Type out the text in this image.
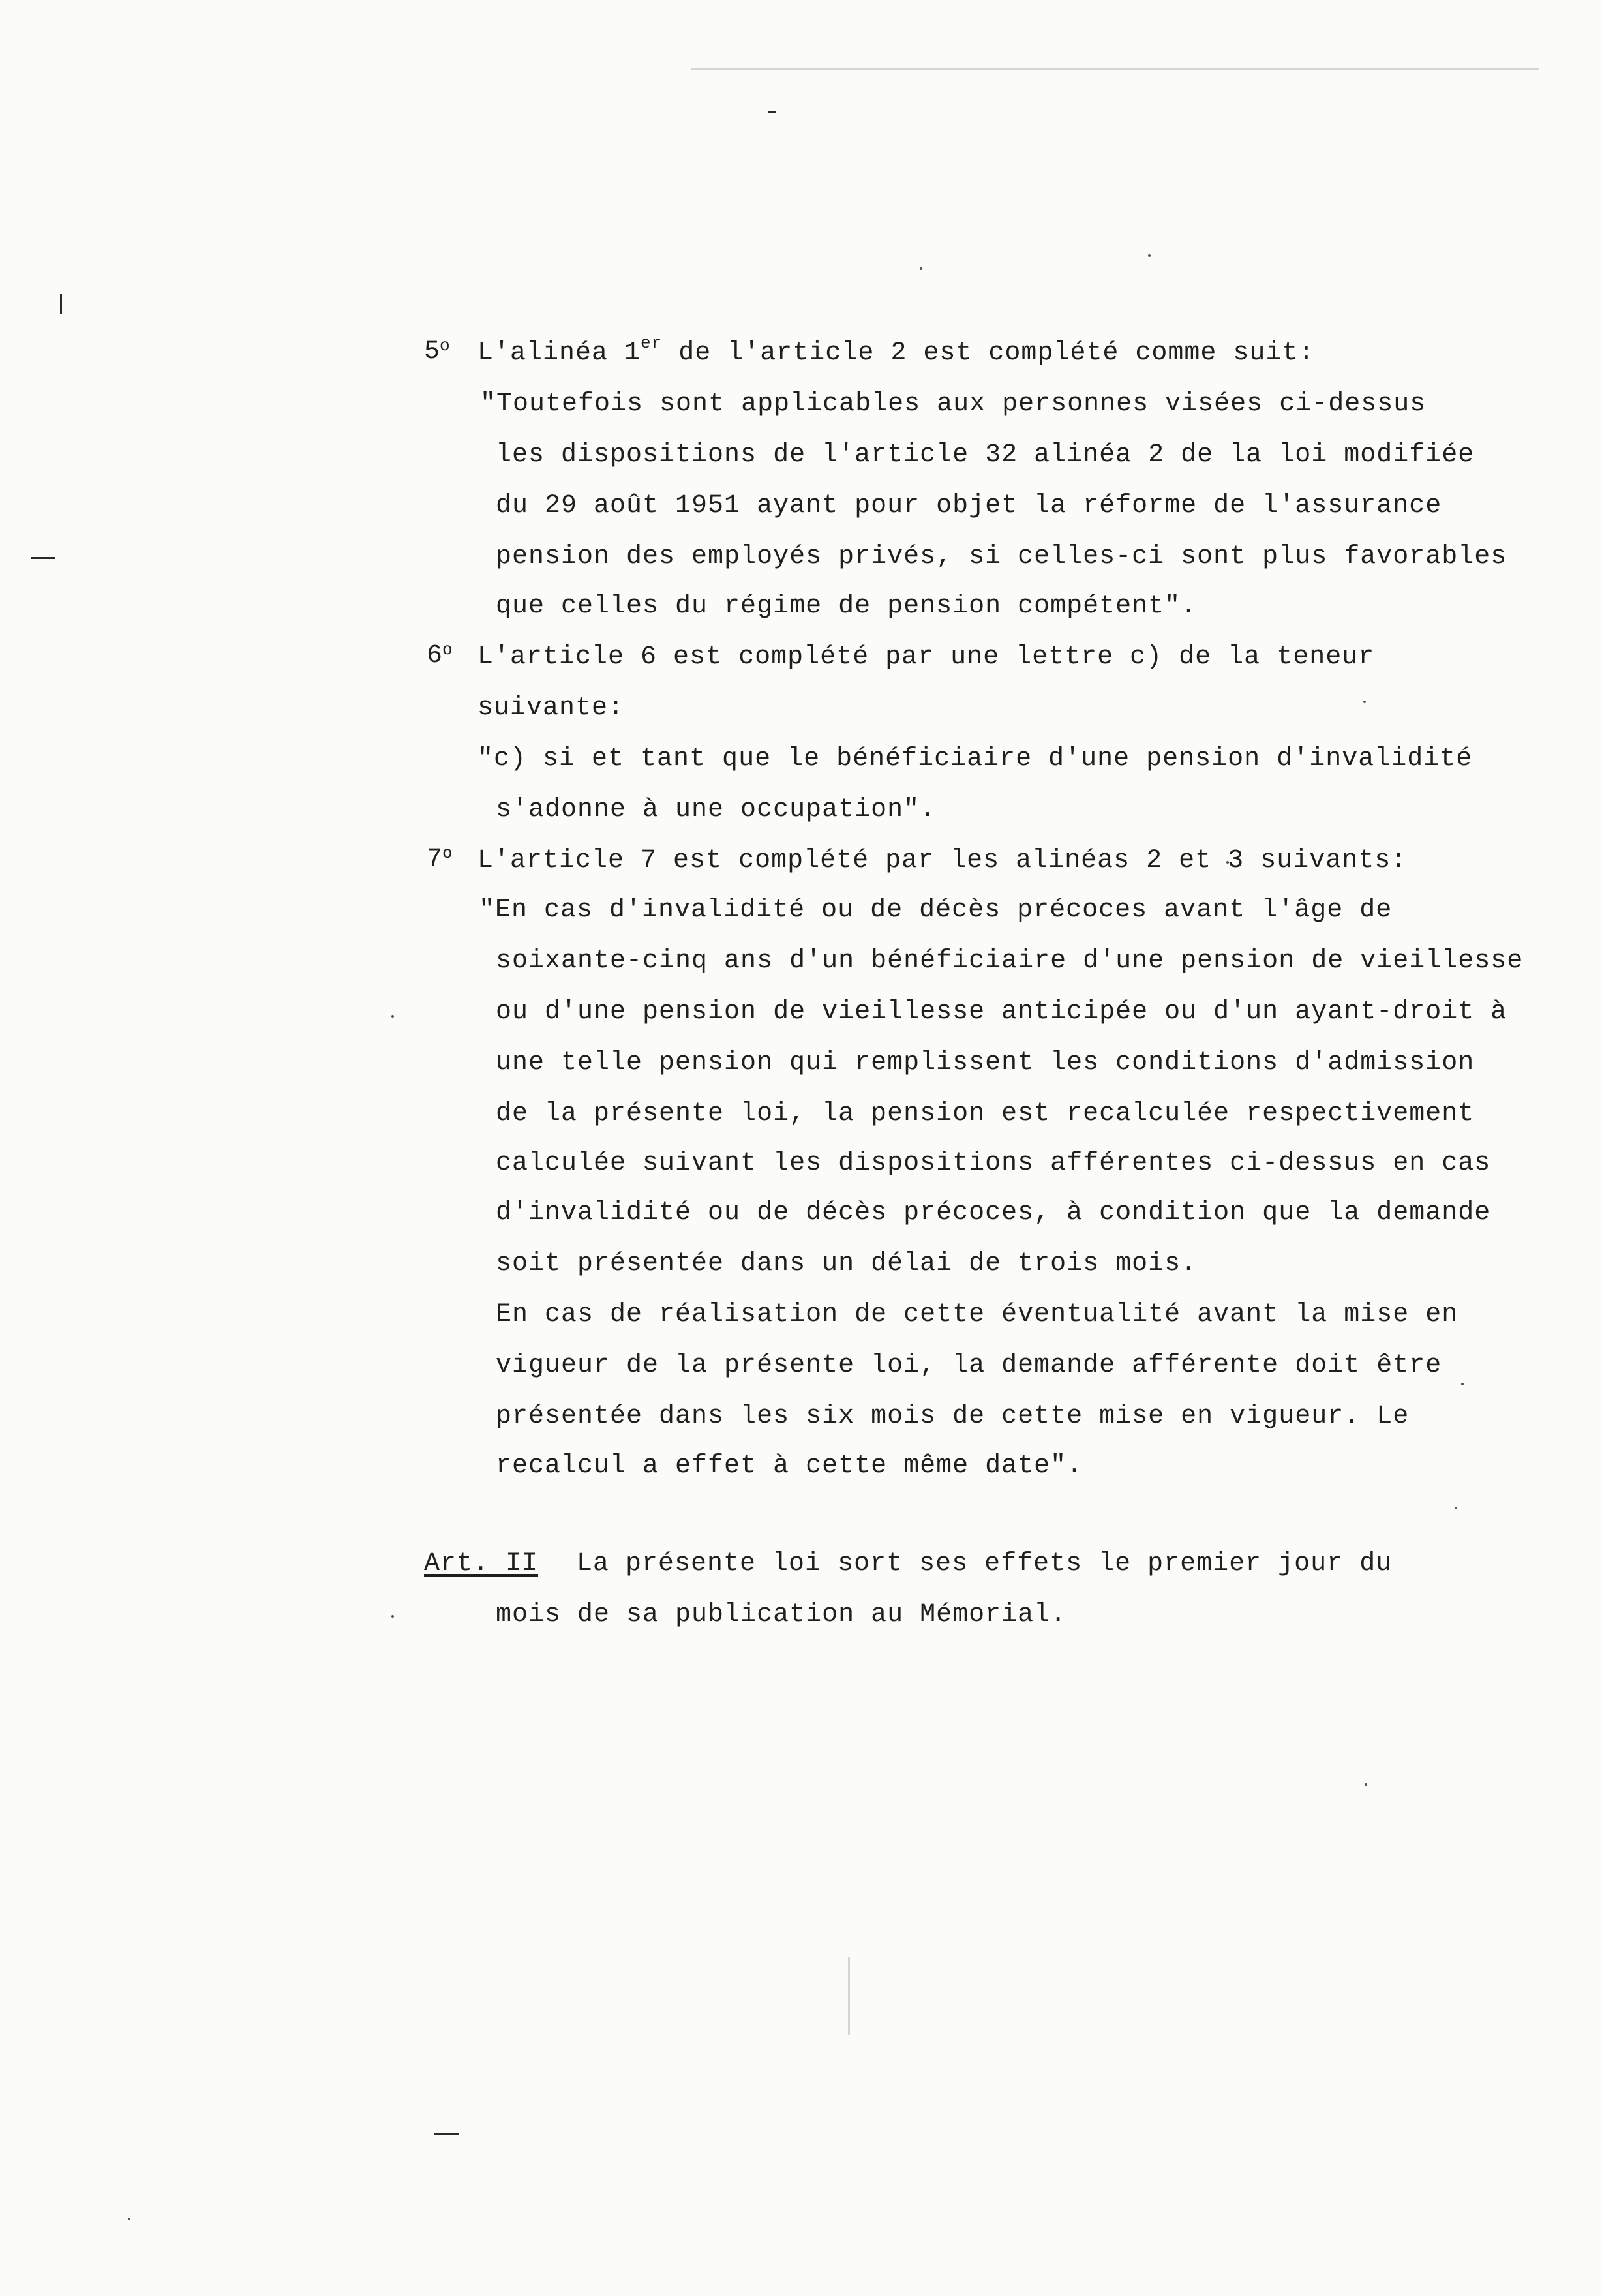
5$^o$ L'alinéa 1er de l'article 2 est complété comme suit:
"Toutefois sont applicables aux personnes visées ci-dessus
les dispositions de l'article 32 alinéa 2 de la loi modifiée
du 29 août 1951 ayant pour objet la réforme de l'assurance
pension des employés privés, si celles-ci sont plus favorables
que celles du régime de pension compétent".
6$^o$ L'article 6 est complété par une lettre c) de la teneur
suivante:
"c) si et tant que le bénéficiaire d'une pension d'invalidité
s'adonne à une occupation".
7$^o$ L'article 7 est complété par les alinéas 2 et 3 suivants:
"En cas d'invalidité ou de décès précoces avant l'âge de
soixante-cinq ans d'un bénéficiaire d'une pension de vieillesse
ou d'une pension de vieillesse anticipée ou d'un ayant-droit à
une telle pension qui remplissent les conditions d'admission
de la présente loi, la pension est recalculée respectivement
calculée suivant les dispositions afférentes ci-dessus en cas
d'invalidité ou de décès précoces, à condition que la demande
soit présentée dans un délai de trois mois.
En cas de réalisation de cette éventualité avant la mise en
vigueur de la présente loi, la demande afférente doit être
présentée dans les six mois de cette mise en vigueur. Le
recalcul a effet à cette même date".
Art. II La présente loi sort ses effets le premier jour du
mois de sa publication au Mémorial.
